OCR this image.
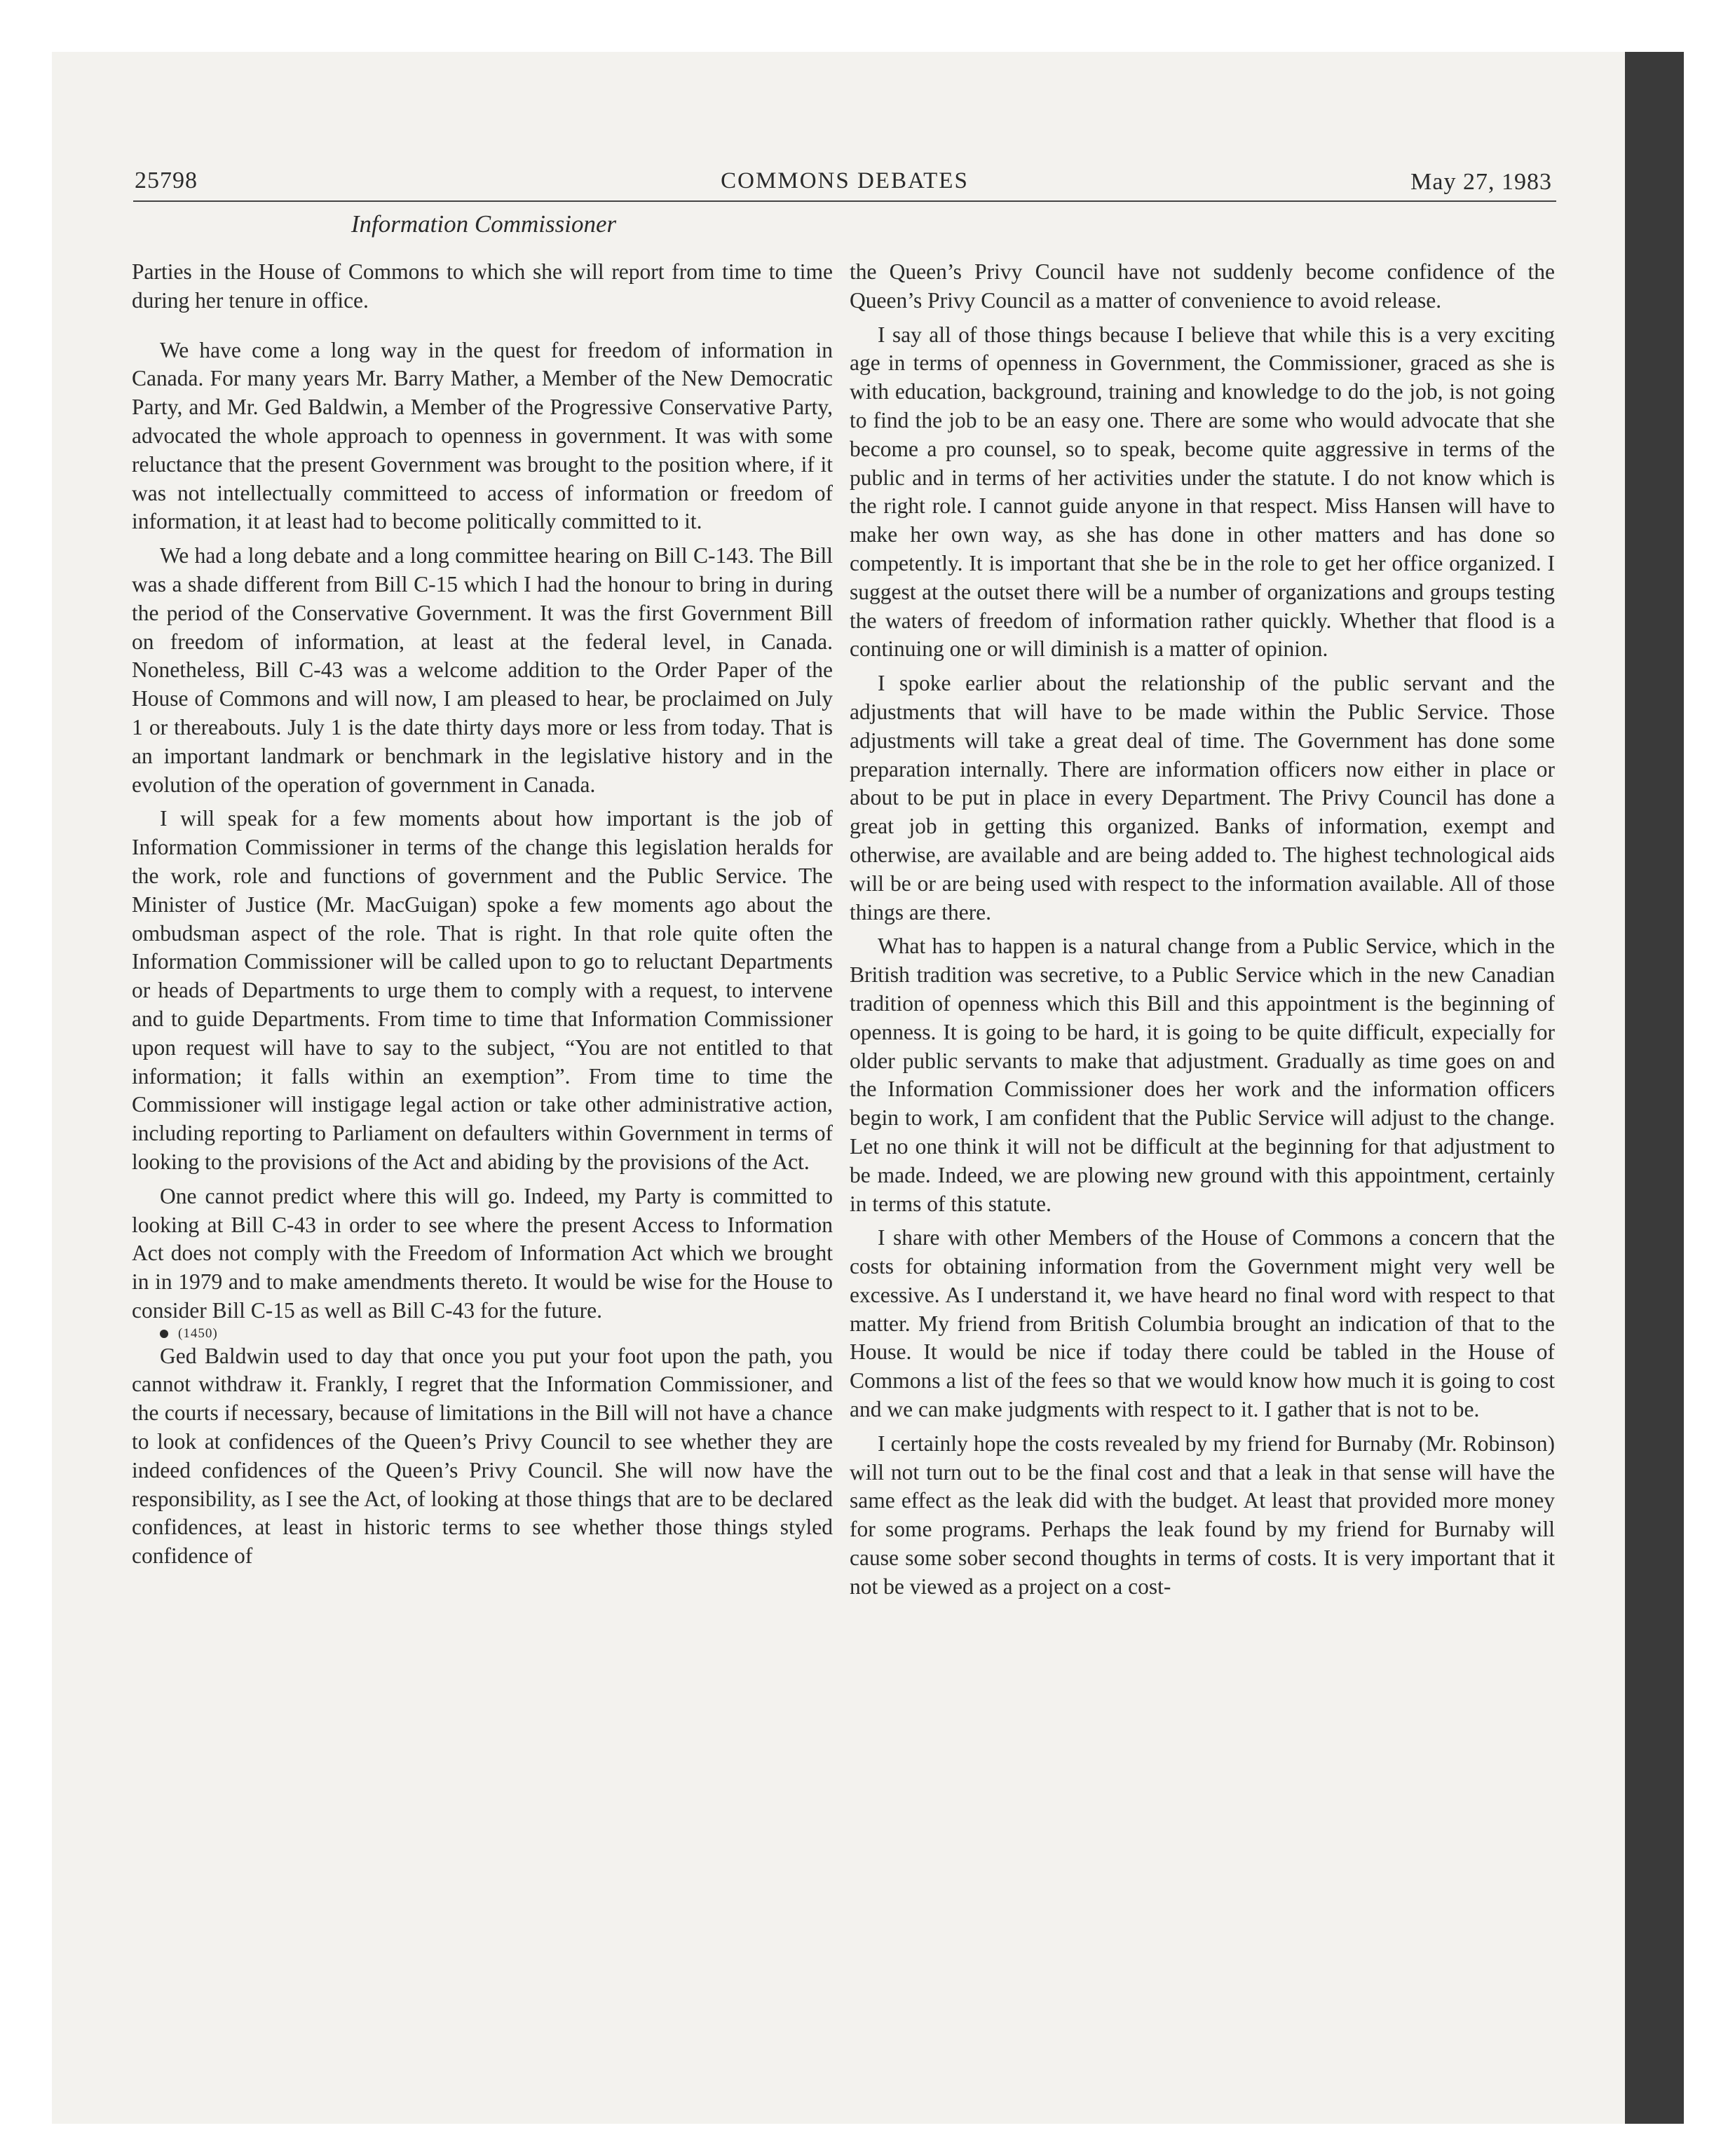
25798	COMMONS DEBATES	May 27, 1983
Information Commissioner

Parties in the House of Commons to which she will report from time to time during her tenure in office.

We have come a long way in the quest for freedom of information in Canada. For many years Mr. Barry Mather, a Member of the New Democratic Party, and Mr. Ged Baldwin, a Member of the Progressive Conservative Party, advocated the whole approach to openness in government. It was with some reluctance that the present Government was brought to the position where, if it was not intellectually committeed to access of information or freedom of information, it at least had to become politically committed to it.

We had a long debate and a long committee hearing on Bill C-143. The Bill was a shade different from Bill C-15 which I had the honour to bring in during the period of the Conservative Government. It was the first Government Bill on freedom of information, at least at the federal level, in Canada. Nonetheless, Bill C-43 was a welcome addition to the Order Paper of the House of Commons and will now, I am pleased to hear, be proclaimed on July 1 or thereabouts. July 1 is the date thirty days more or less from today. That is an important landmark or benchmark in the legislative history and in the evolution of the operation of government in Canada.

I will speak for a few moments about how important is the job of Information Commissioner in terms of the change this legislation heralds for the work, role and functions of government and the Public Service. The Minister of Justice (Mr. MacGuigan) spoke a few moments ago about the ombudsman aspect of the role. That is right. In that role quite often the Information Commissioner will be called upon to go to reluctant Departments or heads of Departments to urge them to comply with a request, to intervene and to guide Departments. From time to time that Information Commissioner upon request will have to say to the subject, “You are not entitled to that information; it falls within an exemption”. From time to time the Commissioner will instigage legal action or take other administrative action, including reporting to Parliament on defaulters within Government in terms of looking to the provisions of the Act and abiding by the provisions of the Act.

One cannot predict where this will go. Indeed, my Party is committed to looking at Bill C-43 in order to see where the present Access to Information Act does not comply with the Freedom of Information Act which we brought in in 1979 and to make amendments thereto. It would be wise for the House to consider Bill C-15 as well as Bill C-43 for the future.

(1450)

Ged Baldwin used to day that once you put your foot upon the path, you cannot withdraw it. Frankly, I regret that the Information Commissioner, and the courts if necessary, because of limitations in the Bill will not have a chance to look at confidences of the Queen’s Privy Council to see whether they are indeed confidences of the Queen’s Privy Council. She will now have the responsibility, as I see the Act, of looking at those things that are to be declared confidences, at least in historic terms to see whether those things styled confidence of

the Queen’s Privy Council have not suddenly become confidence of the Queen’s Privy Council as a matter of convenience to avoid release.

I say all of those things because I believe that while this is a very exciting age in terms of openness in Government, the Commissioner, graced as she is with education, background, training and knowledge to do the job, is not going to find the job to be an easy one. There are some who would advocate that she become a pro counsel, so to speak, become quite aggressive in terms of the public and in terms of her activities under the statute. I do not know which is the right role. I cannot guide anyone in that respect. Miss Hansen will have to make her own way, as she has done in other matters and has done so competently. It is important that she be in the role to get her office organized. I suggest at the outset there will be a number of organizations and groups testing the waters of freedom of information rather quickly. Whether that flood is a continuing one or will diminish is a matter of opinion.

I spoke earlier about the relationship of the public servant and the adjustments that will have to be made within the Public Service. Those adjustments will take a great deal of time. The Government has done some preparation internally. There are information officers now either in place or about to be put in place in every Department. The Privy Council has done a great job in getting this organized. Banks of information, exempt and otherwise, are available and are being added to. The highest technological aids will be or are being used with respect to the information available. All of those things are there.

What has to happen is a natural change from a Public Service, which in the British tradition was secretive, to a Public Service which in the new Canadian tradition of openness which this Bill and this appointment is the beginning of openness. It is going to be hard, it is going to be quite difficult, expecially for older public servants to make that adjustment. Gradually as time goes on and the Information Commissioner does her work and the information officers begin to work, I am confident that the Public Service will adjust to the change. Let no one think it will not be difficult at the beginning for that adjustment to be made. Indeed, we are plowing new ground with this appointment, certainly in terms of this statute.

I share with other Members of the House of Commons a concern that the costs for obtaining information from the Government might very well be excessive. As I understand it, we have heard no final word with respect to that matter. My friend from British Columbia brought an indication of that to the House. It would be nice if today there could be tabled in the House of Commons a list of the fees so that we would know how much it is going to cost and we can make judgments with respect to it. I gather that is not to be.

I certainly hope the costs revealed by my friend for Burnaby (Mr. Robinson) will not turn out to be the final cost and that a leak in that sense will have the same effect as the leak did with the budget. At least that provided more money for some programs. Perhaps the leak found by my friend for Burnaby will cause some sober second thoughts in terms of costs. It is very important that it not be viewed as a project on a cost-
